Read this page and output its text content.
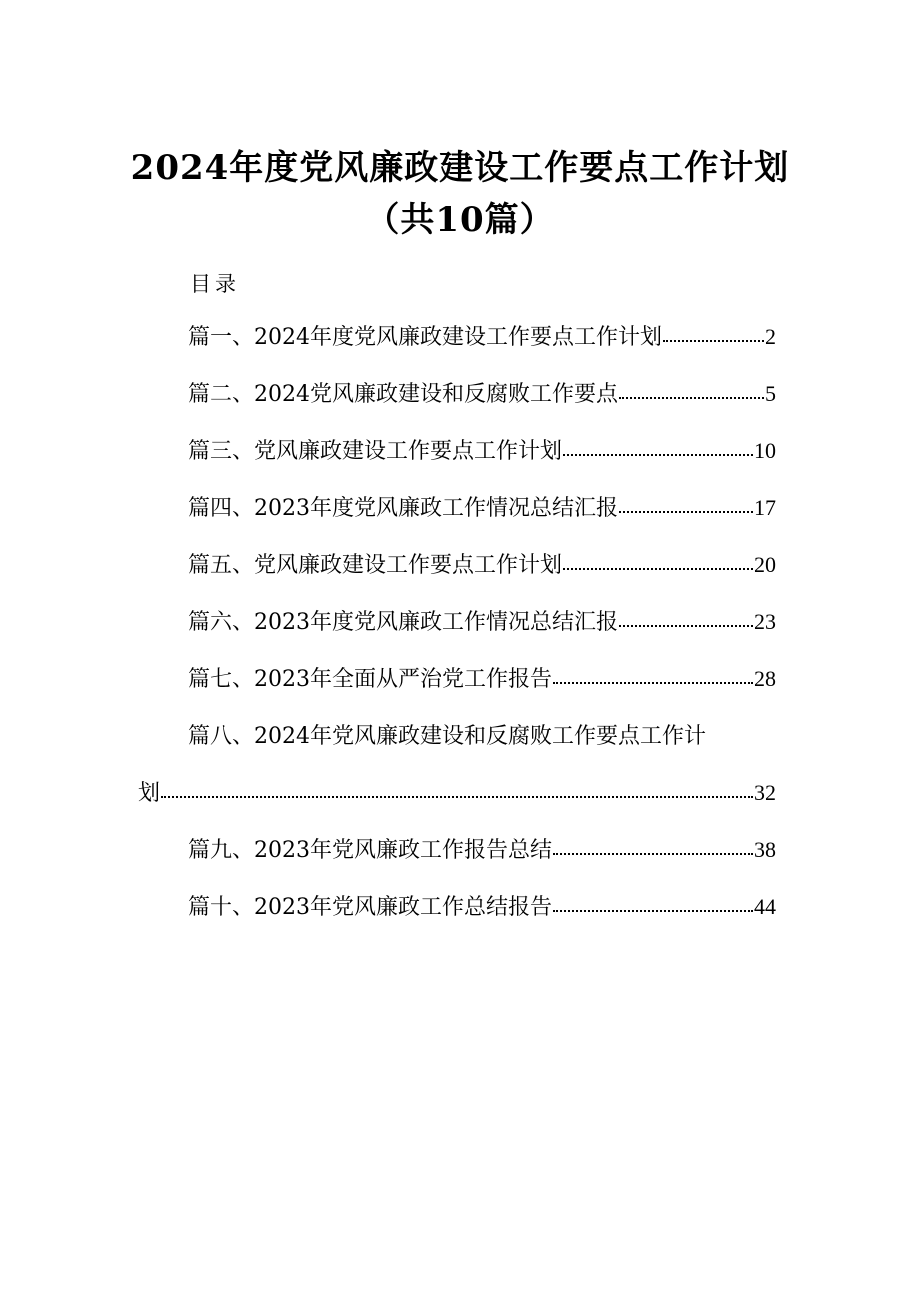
2024年度党风廉政建设工作要点工作计划
（共10篇）
目录
篇一、2024年度党风廉政建设工作要点工作计划	2
篇二、2024党风廉政建设和反腐败工作要点	5
篇三、党风廉政建设工作要点工作计划	10
篇四、2023年度党风廉政工作情况总结汇报	17
篇五、党风廉政建设工作要点工作计划	20
篇六、2023年度党风廉政工作情况总结汇报	23
篇七、2023年全面从严治党工作报告	28
篇八、2024年党风廉政建设和反腐败工作要点工作计
划	32
篇九、2023年党风廉政工作报告总结	38
篇十、2023年党风廉政工作总结报告	44
